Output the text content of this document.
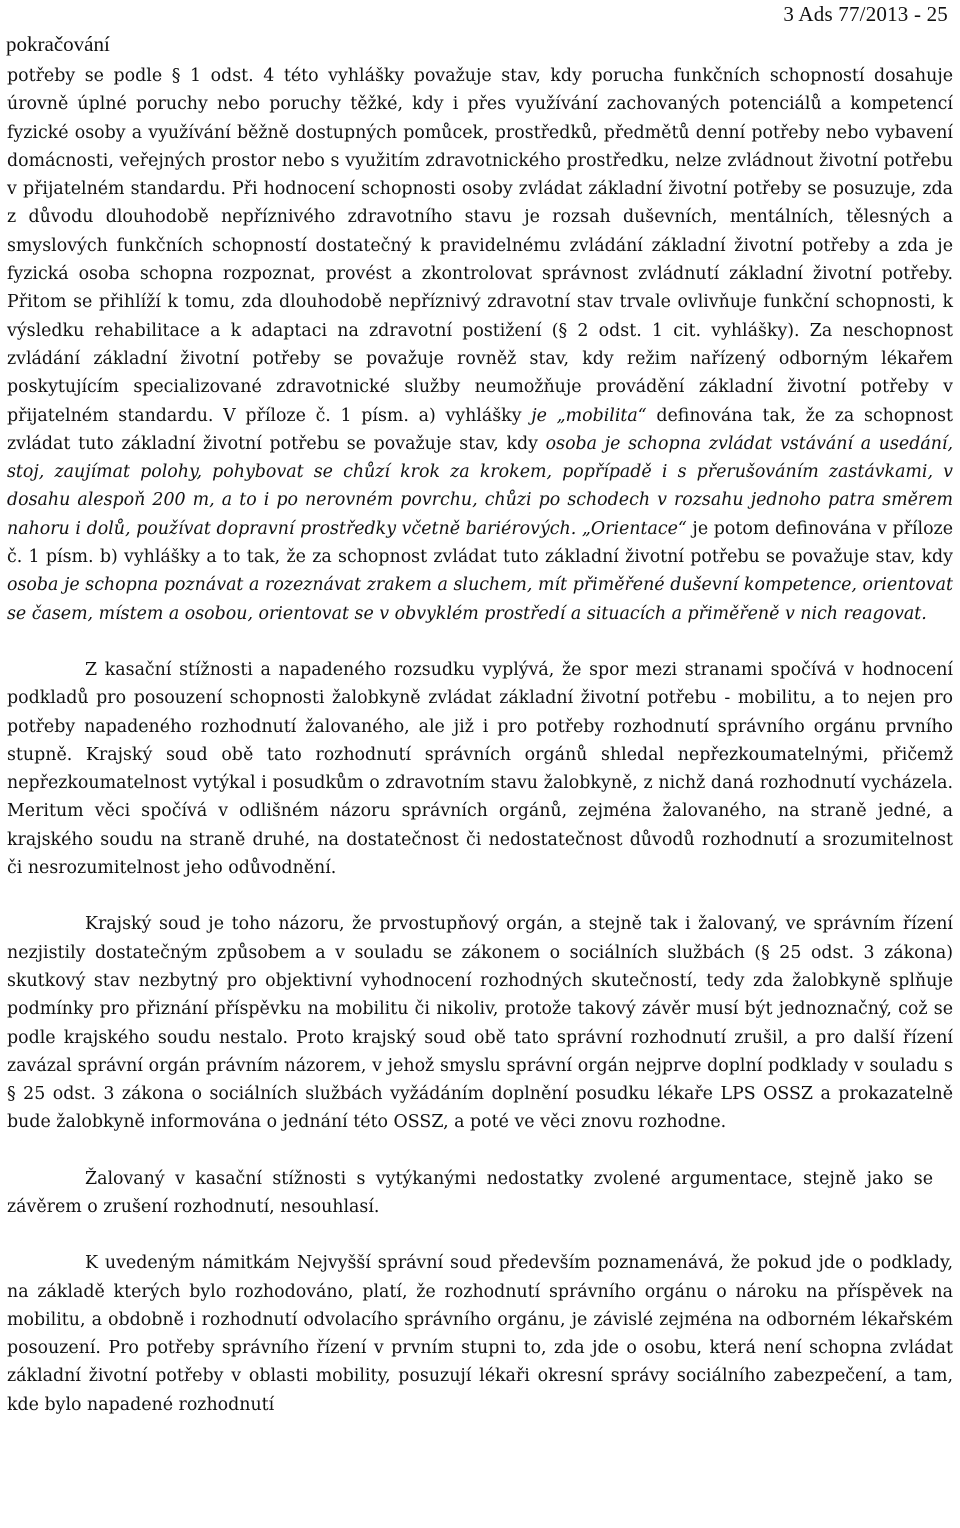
3 Ads 77/2013 - 25
pokračování

potřeby se podle § 1 odst. 4 této vyhlášky považuje stav, kdy porucha funkčních schopností dosahuje úrovně úplné poruchy nebo poruchy těžké, kdy i přes využívání zachovaných potenciálů a kompetencí fyzické osoby a využívání běžně dostupných pomůcek, prostředků, předmětů denní potřeby nebo vybavení domácnosti, veřejných prostor nebo s využitím zdravotnického prostředku, nelze zvládnout životní potřebu v přijatelném standardu. Při hodnocení schopnosti osoby zvládat základní životní potřeby se posuzuje, zda z důvodu dlouhodobě nepříznivého zdravotního stavu je rozsah duševních, mentálních, tělesných a smyslových funkčních schopností dostatečný k pravidelnému zvládání základní životní potřeby a zda je fyzická osoba schopna rozpoznat, provést a zkontrolovat správnost zvládnutí základní životní potřeby. Přitom se přihlíží k tomu, zda dlouhodobě nepříznivý zdravotní stav trvale ovlivňuje funkční schopnosti, k výsledku rehabilitace a k adaptaci na zdravotní postižení (§ 2 odst. 1 cit. vyhlášky). Za neschopnost zvládání základní životní potřeby se považuje rovněž stav, kdy režim nařízený odborným lékařem poskytujícím specializované zdravotnické služby neumožňuje provádění základní životní potřeby v přijatelném standardu. V příloze č. 1 písm. a) vyhlášky je „mobilita“ definována tak, že za schopnost zvládat tuto základní životní potřebu se považuje stav, kdy osoba je schopna zvládat vstávání a usedání, stoj, zaujímat polohy, pohybovat se chůzí krok za krokem, popřípadě i s přerušováním zastávkami, v dosahu alespoň 200 m, a to i po nerovném povrchu, chůzi po schodech v rozsahu jednoho patra směrem nahoru i dolů, používat dopravní prostředky včetně bariérových. „Orientace“ je potom definována v příloze č. 1 písm. b) vyhlášky a to tak, že za schopnost zvládat tuto základní životní potřebu se považuje stav, kdy osoba je schopna poznávat a rozeznávat zrakem a sluchem, mít přiměřené duševní kompetence, orientovat se časem, místem a osobou, orientovat se v obvyklém prostředí a situacích a přiměřeně v nich reagovat.

Z kasační stížnosti a napadeného rozsudku vyplývá, že spor mezi stranami spočívá v hodnocení podkladů pro posouzení schopnosti žalobkyně zvládat základní životní potřebu - mobilitu, a to nejen pro potřeby napadeného rozhodnutí žalovaného, ale již i pro potřeby rozhodnutí správního orgánu prvního stupně. Krajský soud obě tato rozhodnutí správních orgánů shledal nepřezkoumatelnými, přičemž nepřezkoumatelnost vytýkal i posudkům o zdravotním stavu žalobkyně, z nichž daná rozhodnutí vycházela. Meritum věci spočívá v odlišném názoru správních orgánů, zejména žalovaného, na straně jedné, a krajského soudu na straně druhé, na dostatečnost či nedostatečnost důvodů rozhodnutí a srozumitelnost či nesrozumitelnost jeho odůvodnění.

Krajský soud je toho názoru, že prvostupňový orgán, a stejně tak i žalovaný, ve správním řízení nezjistily dostatečným způsobem a v souladu se zákonem o sociálních službách (§ 25 odst. 3 zákona) skutkový stav nezbytný pro objektivní vyhodnocení rozhodných skutečností, tedy zda žalobkyně splňuje podmínky pro přiznání příspěvku na mobilitu či nikoliv, protože takový závěr musí být jednoznačný, což se podle krajského soudu nestalo. Proto krajský soud obě tato správní rozhodnutí zrušil, a pro další řízení zavázal správní orgán právním názorem, v jehož smyslu správní orgán nejprve doplní podklady v souladu s § 25 odst. 3 zákona o sociálních službách vyžádáním doplnění posudku lékaře LPS OSSZ a prokazatelně bude žalobkyně informována o jednání této OSSZ, a poté ve věci znovu rozhodne.

Žalovaný v kasační stížnosti s vytýkanými nedostatky zvolené argumentace, stejně jako se závěrem o zrušení rozhodnutí, nesouhlasí.

K uvedeným námitkám Nejvyšší správní soud především poznamenává, že pokud jde o podklady, na základě kterých bylo rozhodováno, platí, že rozhodnutí správního orgánu o nároku na příspěvek na mobilitu, a obdobně i rozhodnutí odvolacího správního orgánu, je závislé zejména na odborném lékařském posouzení. Pro potřeby správního řízení v prvním stupni to, zda jde o osobu, která není schopna zvládat základní životní potřeby v oblasti mobility, posuzují lékaři okresní správy sociálního zabezpečení, a tam, kde bylo napadené rozhodnutí
